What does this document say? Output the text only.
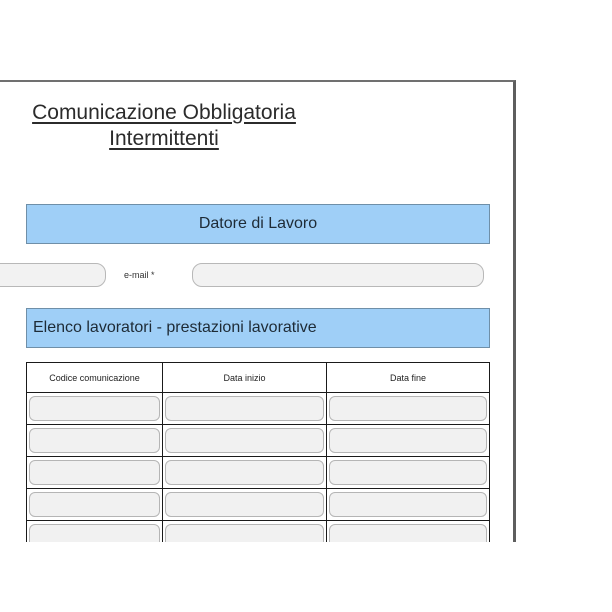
Comunicazione Obbligatoria
Intermittenti
Datore di Lavoro
e-mail *
Elenco lavoratori - prestazioni lavorative
Codice comunicazione	Data inizio	Data fine
